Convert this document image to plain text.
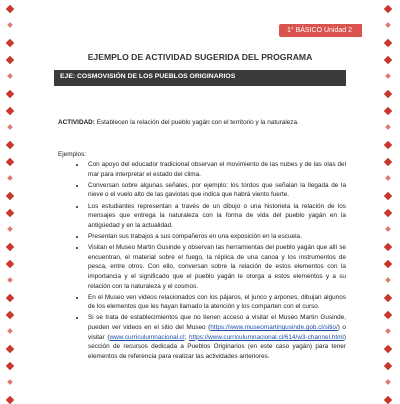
1° BÁSICO Unidad 2
EJEMPLO DE ACTIVIDAD SUGERIDA DEL PROGRAMA
EJE: COSMOVISIÓN DE LOS PUEBLOS ORIGINARIOS
ACTIVIDAD: Establecen la relación del pueblo yagán con el territorio y la naturaleza.
Ejemplos:
• Con apoyo del educador tradicional observan el movimiento de las nubes y de las olas del mar para interpretar el estado del clima.
• Conversan sobre algunas señales, por ejemplo: los tordos que señalan la llegada de la nieve o el vuelo alto de las gaviotas que indica que habrá viento fuerte.
• Los estudiantes representan a través de un dibujo o una historieta la relación de los mensajes que entrega la naturaleza con la forma de vida del pueblo yagán en la antigüedad y en la actualidad.
• Presentan sus trabajos a sus compañeros en una exposición en la escuela.
• Visitan el Museo Martin Gusinde y observan las herramientas del pueblo yagán que allí se encuentran, el material sobre el fuego, la réplica de una canoa y los instrumentos de pesca, entre otros. Con ello, conversan sobre la relación de estos elementos con la importancia y el significado que el pueblo yagán le otorga a estos elementos y a su relación con la naturaleza y el cosmos.
• En el Museo ven videos relacionados con los pájaros, el junco y arpones, dibujan algunos de los elementos que les hayan llamado la atención y los comparten con el curso.
• Si se trata de establecimientos que no tienen acceso a visitar el Museo Martin Gusinde, pueden ver videos en el sitio del Museo (https://www.museomartingusinde.gob.cl/sitio/) o visitar (www.curriculumnacional.cl; https://www.curriculumnacional.cl/614/w3-channel.html) sección de recursos dedicada a Pueblos Originarios (en este caso yagán) para tener elementos de referencia para realizar las actividades anteriores.
